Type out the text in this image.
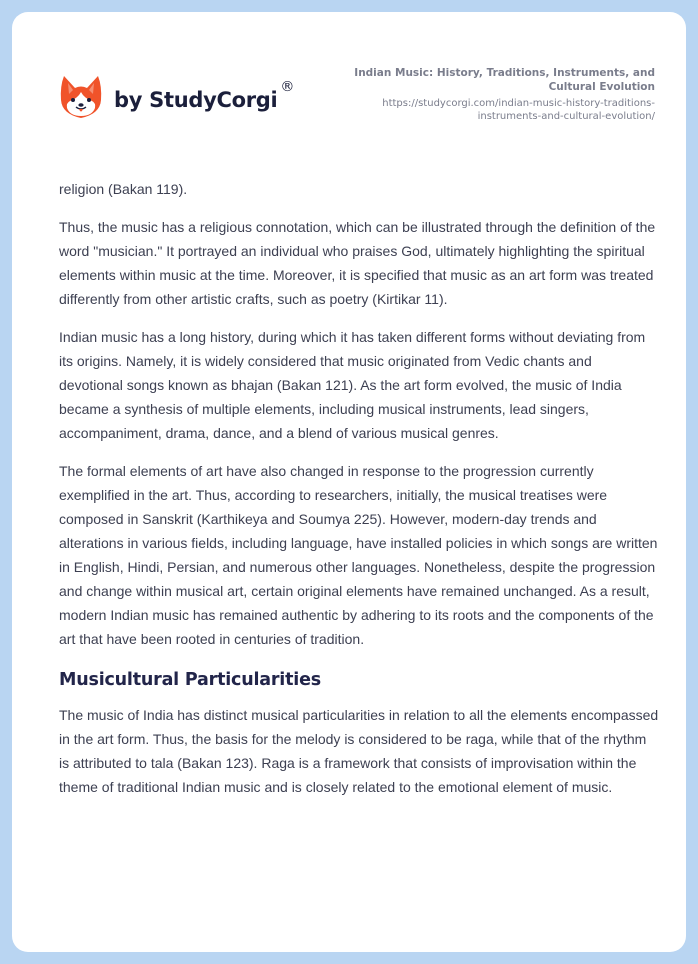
by StudyCorgi
®
Indian Music: History, Traditions, Instruments, and Cultural Evolution
https://studycorgi.com/indian-music-history-traditions-instruments-and-cultural-evolution/

religion (Bakan 119).

Thus, the music has a religious connotation, which can be illustrated through the definition of the word "musician." It portrayed an individual who praises God, ultimately highlighting the spiritual elements within music at the time. Moreover, it is specified that music as an art form was treated differently from other artistic crafts, such as poetry (Kirtikar 11).

Indian music has a long history, during which it has taken different forms without deviating from its origins. Namely, it is widely considered that music originated from Vedic chants and devotional songs known as bhajan (Bakan 121). As the art form evolved, the music of India became a synthesis of multiple elements, including musical instruments, lead singers, accompaniment, drama, dance, and a blend of various musical genres.

The formal elements of art have also changed in response to the progression currently exemplified in the art. Thus, according to researchers, initially, the musical treatises were composed in Sanskrit (Karthikeya and Soumya 225). However, modern-day trends and alterations in various fields, including language, have installed policies in which songs are written in English, Hindi, Persian, and numerous other languages. Nonetheless, despite the progression and change within musical art, certain original elements have remained unchanged. As a result, modern Indian music has remained authentic by adhering to its roots and the components of the art that have been rooted in centuries of tradition.

Musicultural Particularities

The music of India has distinct musical particularities in relation to all the elements encompassed in the art form. Thus, the basis for the melody is considered to be raga, while that of the rhythm is attributed to tala (Bakan 123). Raga is a framework that consists of improvisation within the theme of traditional Indian music and is closely related to the emotional element of music.
